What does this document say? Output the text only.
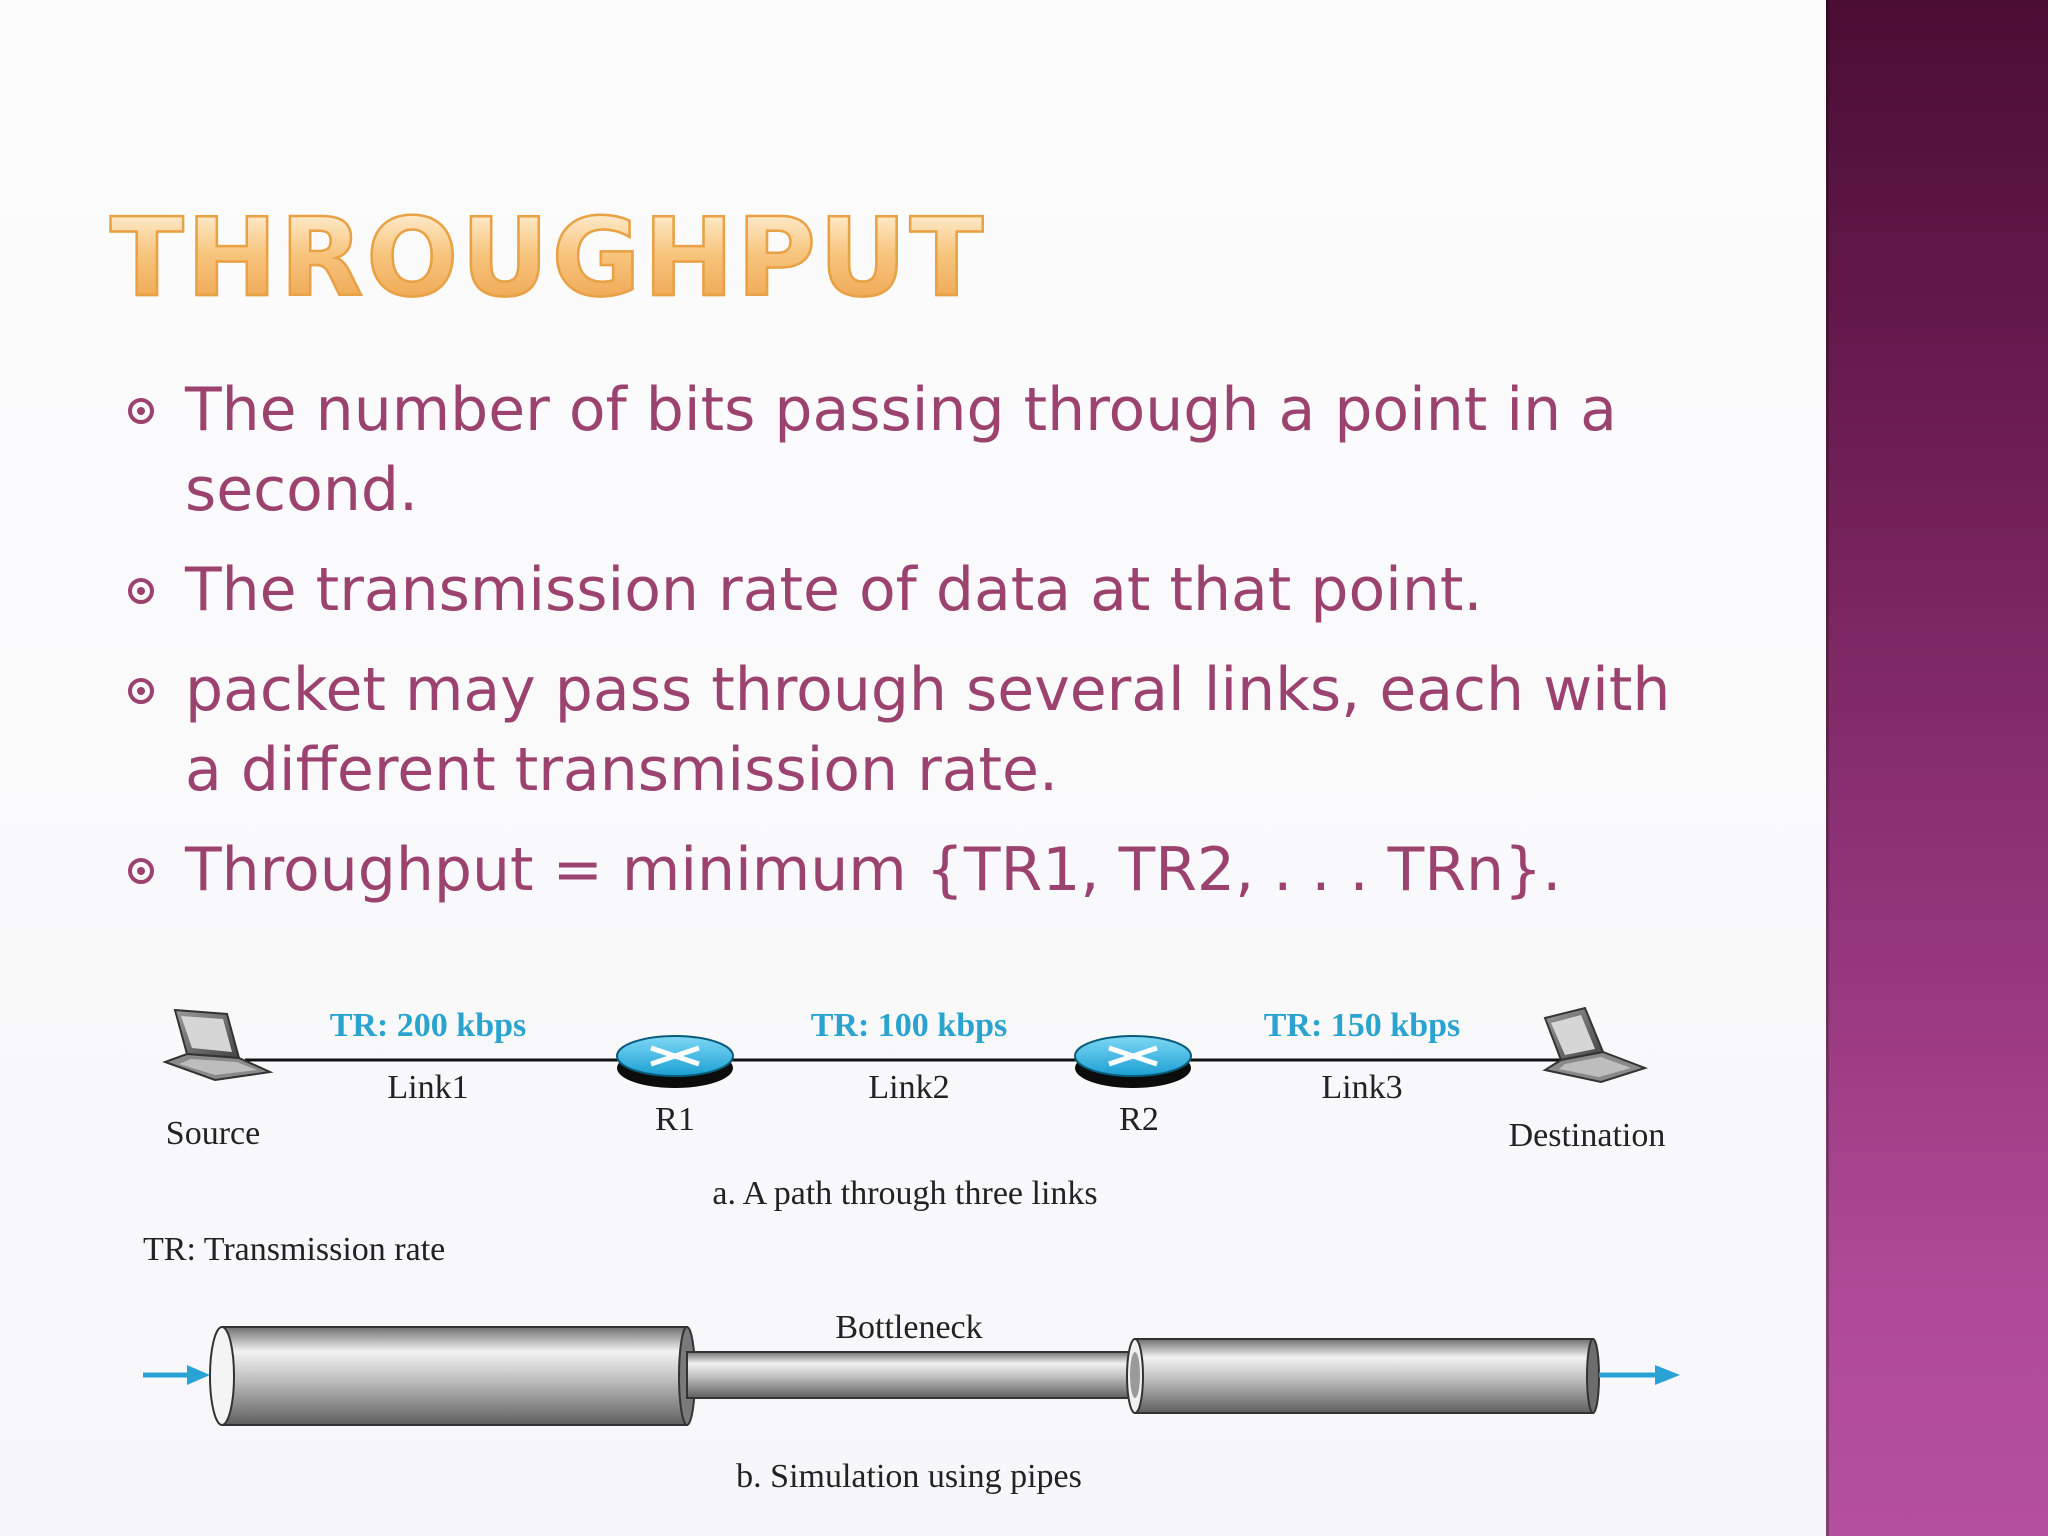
THROUGHPUT
The number of bits passing through a point in a second.
The transmission rate of data at that point.
packet may pass through several links, each with a different transmission rate.
Throughput = minimum {TR1, TR2, . . . TRn}.
TR: 200 kbps	TR: 100 kbps	TR: 150 kbps
Link1	Link2	Link3
Source	R1	R2	Destination
a. A path through three links
TR: Transmission rate
Bottleneck
b. Simulation using pipes
